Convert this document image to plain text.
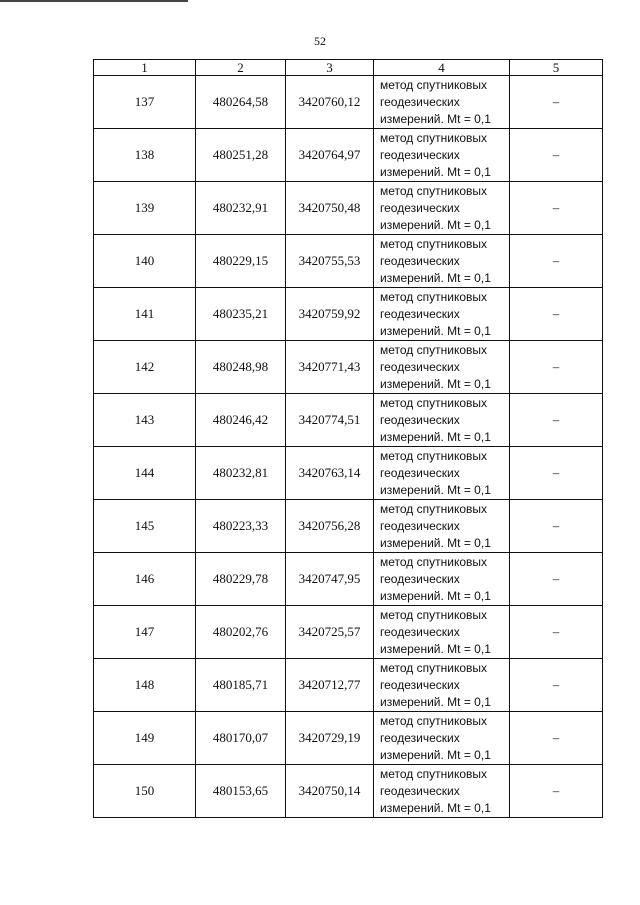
52
1	2	3	4	5
137	480264,58	3420760,12	метод спутниковых
геодезических
измерений. Mt = 0,1	–
138	480251,28	3420764,97	метод спутниковых
геодезических
измерений. Mt = 0,1	–
139	480232,91	3420750,48	метод спутниковых
геодезических
измерений. Mt = 0,1	–
140	480229,15	3420755,53	метод спутниковых
геодезических
измерений. Mt = 0,1	–
141	480235,21	3420759,92	метод спутниковых
геодезических
измерений. Mt = 0,1	–
142	480248,98	3420771,43	метод спутниковых
геодезических
измерений. Mt = 0,1	–
143	480246,42	3420774,51	метод спутниковых
геодезических
измерений. Mt = 0,1	–
144	480232,81	3420763,14	метод спутниковых
геодезических
измерений. Mt = 0,1	–
145	480223,33	3420756,28	метод спутниковых
геодезических
измерений. Mt = 0,1	–
146	480229,78	3420747,95	метод спутниковых
геодезических
измерений. Mt = 0,1	–
147	480202,76	3420725,57	метод спутниковых
геодезических
измерений. Mt = 0,1	–
148	480185,71	3420712,77	метод спутниковых
геодезических
измерений. Mt = 0,1	–
149	480170,07	3420729,19	метод спутниковых
геодезических
измерений. Mt = 0,1	–
150	480153,65	3420750,14	метод спутниковых
геодезических
измерений. Mt = 0,1	–
